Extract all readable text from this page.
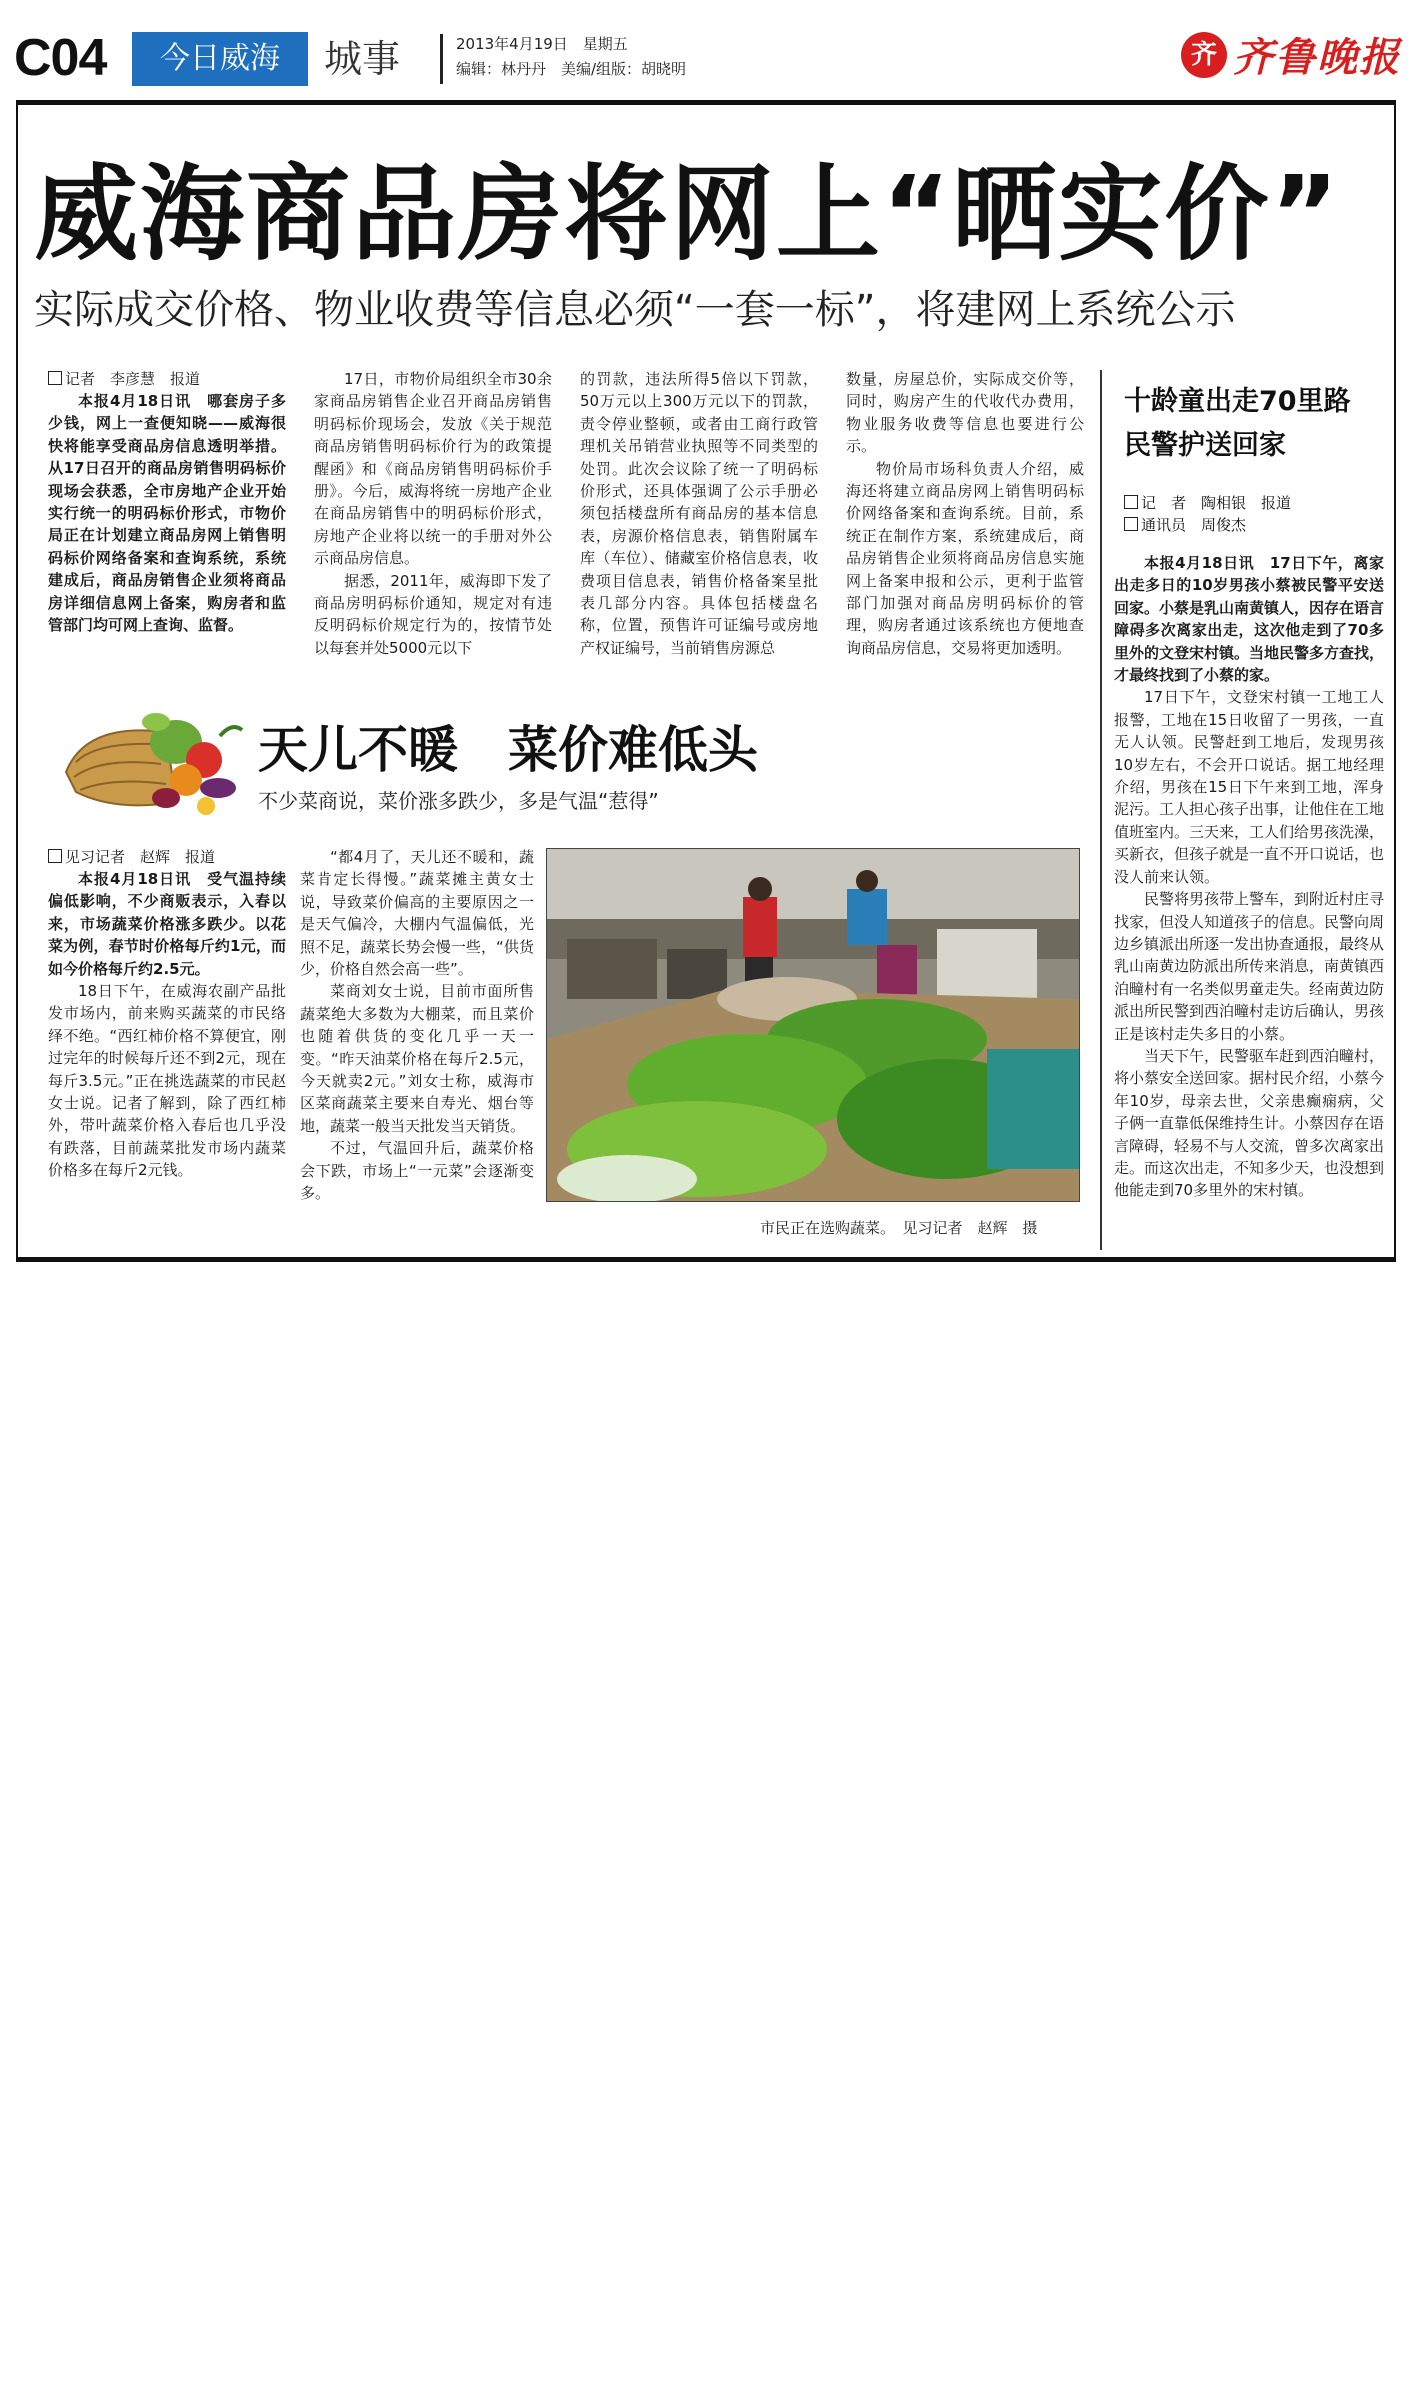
C04	今日威海	城事	2013年4月19日　星期五
编辑：林丹丹　美编/组版：胡晓明	齐 齐鲁晚报
威海商品房将网上“晒实价”
实际成交价格、物业收费等信息必须“一套一标”，将建网上系统公示

记者　李彦慧　报道

本报4月18日讯　哪套房子多少钱，网上一查便知晓——威海很快将能享受商品房信息透明举措。从17日召开的商品房销售明码标价现场会获悉，全市房地产企业开始实行统一的明码标价形式，市物价局正在计划建立商品房网上销售明码标价网络备案和查询系统，系统建成后，商品房销售企业须将商品房详细信息网上备案，购房者和监管部门均可网上查询、监督。

17日，市物价局组织全市30余家商品房销售企业召开商品房销售明码标价现场会，发放《关于规范商品房销售明码标价行为的政策提醒函》和《商品房销售明码标价手册》。今后，威海将统一房地产企业在商品房销售中的明码标价形式，房地产企业将以统一的手册对外公示商品房信息。

据悉，2011年，威海即下发了商品房明码标价通知，规定对有违反明码标价规定行为的，按情节处以每套并处5000元以下

的罚款，违法所得5倍以下罚款，50万元以上300万元以下的罚款，责令停业整顿，或者由工商行政管理机关吊销营业执照等不同类型的处罚。此次会议除了统一了明码标价形式，还具体强调了公示手册必须包括楼盘所有商品房的基本信息表，房源价格信息表，销售附属车库（车位）、储藏室价格信息表，收费项目信息表，销售价格备案呈批表几部分内容。具体包括楼盘名称，位置，预售许可证编号或房地产权证编号，当前销售房源总

数量，房屋总价，实际成交价等，同时，购房产生的代收代办费用，物业服务收费等信息也要进行公示。

物价局市场科负责人介绍，威海还将建立商品房网上销售明码标价网络备案和查询系统。目前，系统正在制作方案，系统建成后，商品房销售企业须将商品房信息实施网上备案申报和公示，更利于监管部门加强对商品房明码标价的管理，购房者通过该系统也方便地查询商品房信息，交易将更加透明。

十龄童出走70里路 民警护送回家

记　者　陶相银　报道

通讯员　周俊杰

本报4月18日讯　17日下午，离家出走多日的10岁男孩小蔡被民警平安送回家。小蔡是乳山南黄镇人，因存在语言障碍多次离家出走，这次他走到了70多里外的文登宋村镇。当地民警多方查找，才最终找到了小蔡的家。

17日下午，文登宋村镇一工地工人报警，工地在15日收留了一男孩，一直无人认领。民警赶到工地后，发现男孩10岁左右，不会开口说话。据工地经理介绍，男孩在15日下午来到工地，浑身泥污。工人担心孩子出事，让他住在工地值班室内。三天来，工人们给男孩洗澡，买新衣，但孩子就是一直不开口说话，也没人前来认领。

民警将男孩带上警车，到附近村庄寻找家，但没人知道孩子的信息。民警向周边乡镇派出所逐一发出协查通报，最终从乳山南黄边防派出所传来消息，南黄镇西泊疃村有一名类似男童走失。经南黄边防派出所民警到西泊疃村走访后确认，男孩正是该村走失多日的小蔡。

当天下午，民警驱车赶到西泊疃村，将小蔡安全送回家。据村民介绍，小蔡今年10岁，母亲去世，父亲患癫痫病，父子俩一直靠低保维持生计。小蔡因存在语言障碍，轻易不与人交流，曾多次离家出走。而这次出走，不知多少天，也没想到他能走到70多里外的宋村镇。

天儿不暖　菜价难低头
不少菜商说，菜价涨多跌少，多是气温“惹得”

见习记者　赵辉　报道

本报4月18日讯　受气温持续偏低影响，不少商贩表示，入春以来，市场蔬菜价格涨多跌少。以花菜为例，春节时价格每斤约1元，而如今价格每斤约2.5元。

18日下午，在威海农副产品批发市场内，前来购买蔬菜的市民络绎不绝。“西红柿价格不算便宜，刚过完年的时候每斤还不到2元，现在每斤3.5元。”正在挑选蔬菜的市民赵女士说。记者了解到，除了西红柿外，带叶蔬菜价格入春后也几乎没有跌落，目前蔬菜批发市场内蔬菜价格多在每斤2元钱。

“都4月了，天儿还不暖和，蔬菜肯定长得慢。”蔬菜摊主黄女士说，导致菜价偏高的主要原因之一是天气偏冷，大棚内气温偏低，光照不足，蔬菜长势会慢一些，“供货少，价格自然会高一些”。

菜商刘女士说，目前市面所售蔬菜绝大多数为大棚菜，而且菜价也随着供货的变化几乎一天一变。“昨天油菜价格在每斤2.5元，今天就卖2元。”刘女士称，威海市区菜商蔬菜主要来自寿光、烟台等地，蔬菜一般当天批发当天销货。

不过，气温回升后，蔬菜价格会下跌，市场上“一元菜”会逐渐变多。

市民正在选购蔬菜。　见习记者　赵辉　摄
